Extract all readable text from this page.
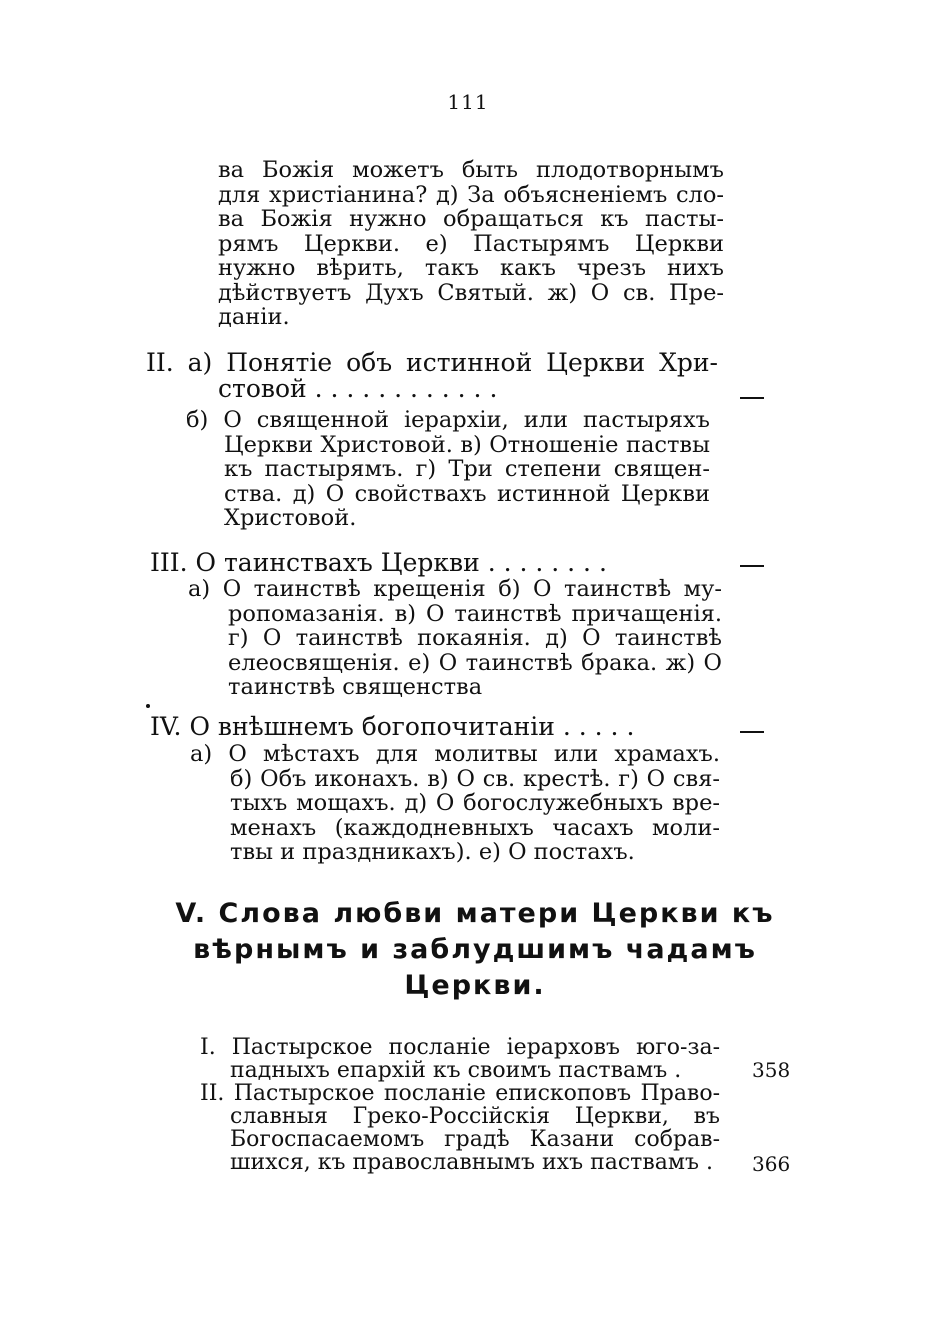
111
ва Божія можетъ быть плодотворнымъ
для христіанина? д) За объясненіемъ сло-
ва Божія нужно обращаться къ пасты-
рямъ Церкви. е) Пастырямъ Церкви
нужно вѣрить, такъ какъ чрезъ нихъ
дѣйствуетъ Духъ Святый. ж) О св. Пре-
даніи.
II. а) Понятіе объ истинной Церкви Хри-
стовой . . . . . . . . . . . .
б) О священной іерархіи, или пастыряхъ
Церкви Христовой. в) Отношеніе паствы
къ пастырямъ. г) Три степени священ-
ства. д) О свойствахъ истинной Церкви
Христовой.
III. О таинствахъ Церкви . . . . . . . .
а) О таинствѣ крещенія б) О таинствѣ му-
ропомазанія. в) О таинствѣ причащенія.
г) О таинствѣ покаянія. д) О таинствѣ
елеосвященія. е) О таинствѣ брака. ж) О
таинствѣ священства
IV. О внѣшнемъ богопочитаніи . . . . .
а) О мѣстахъ для молитвы или храмахъ.
б) Объ иконахъ. в) О св. крестѣ. г) О свя-
тыхъ мощахъ. д) О богослужебныхъ вре-
менахъ (каждодневныхъ часахъ моли-
твы и праздникахъ). е) О постахъ.
V. Слова любви матери Церкви къ
вѣрнымъ и заблудшимъ чадамъ
Церкви.
I. Пастырское посланіе іерарховъ юго-за-
падныхъ епархій къ своимъ паствамъ .	358
II. Пастырское посланіе епископовъ Право-
славныя Греко-Россійскія Церкви, въ
Богоспасаемомъ градѣ Казани собрав-
шихся, къ православнымъ ихъ паствамъ .	366
